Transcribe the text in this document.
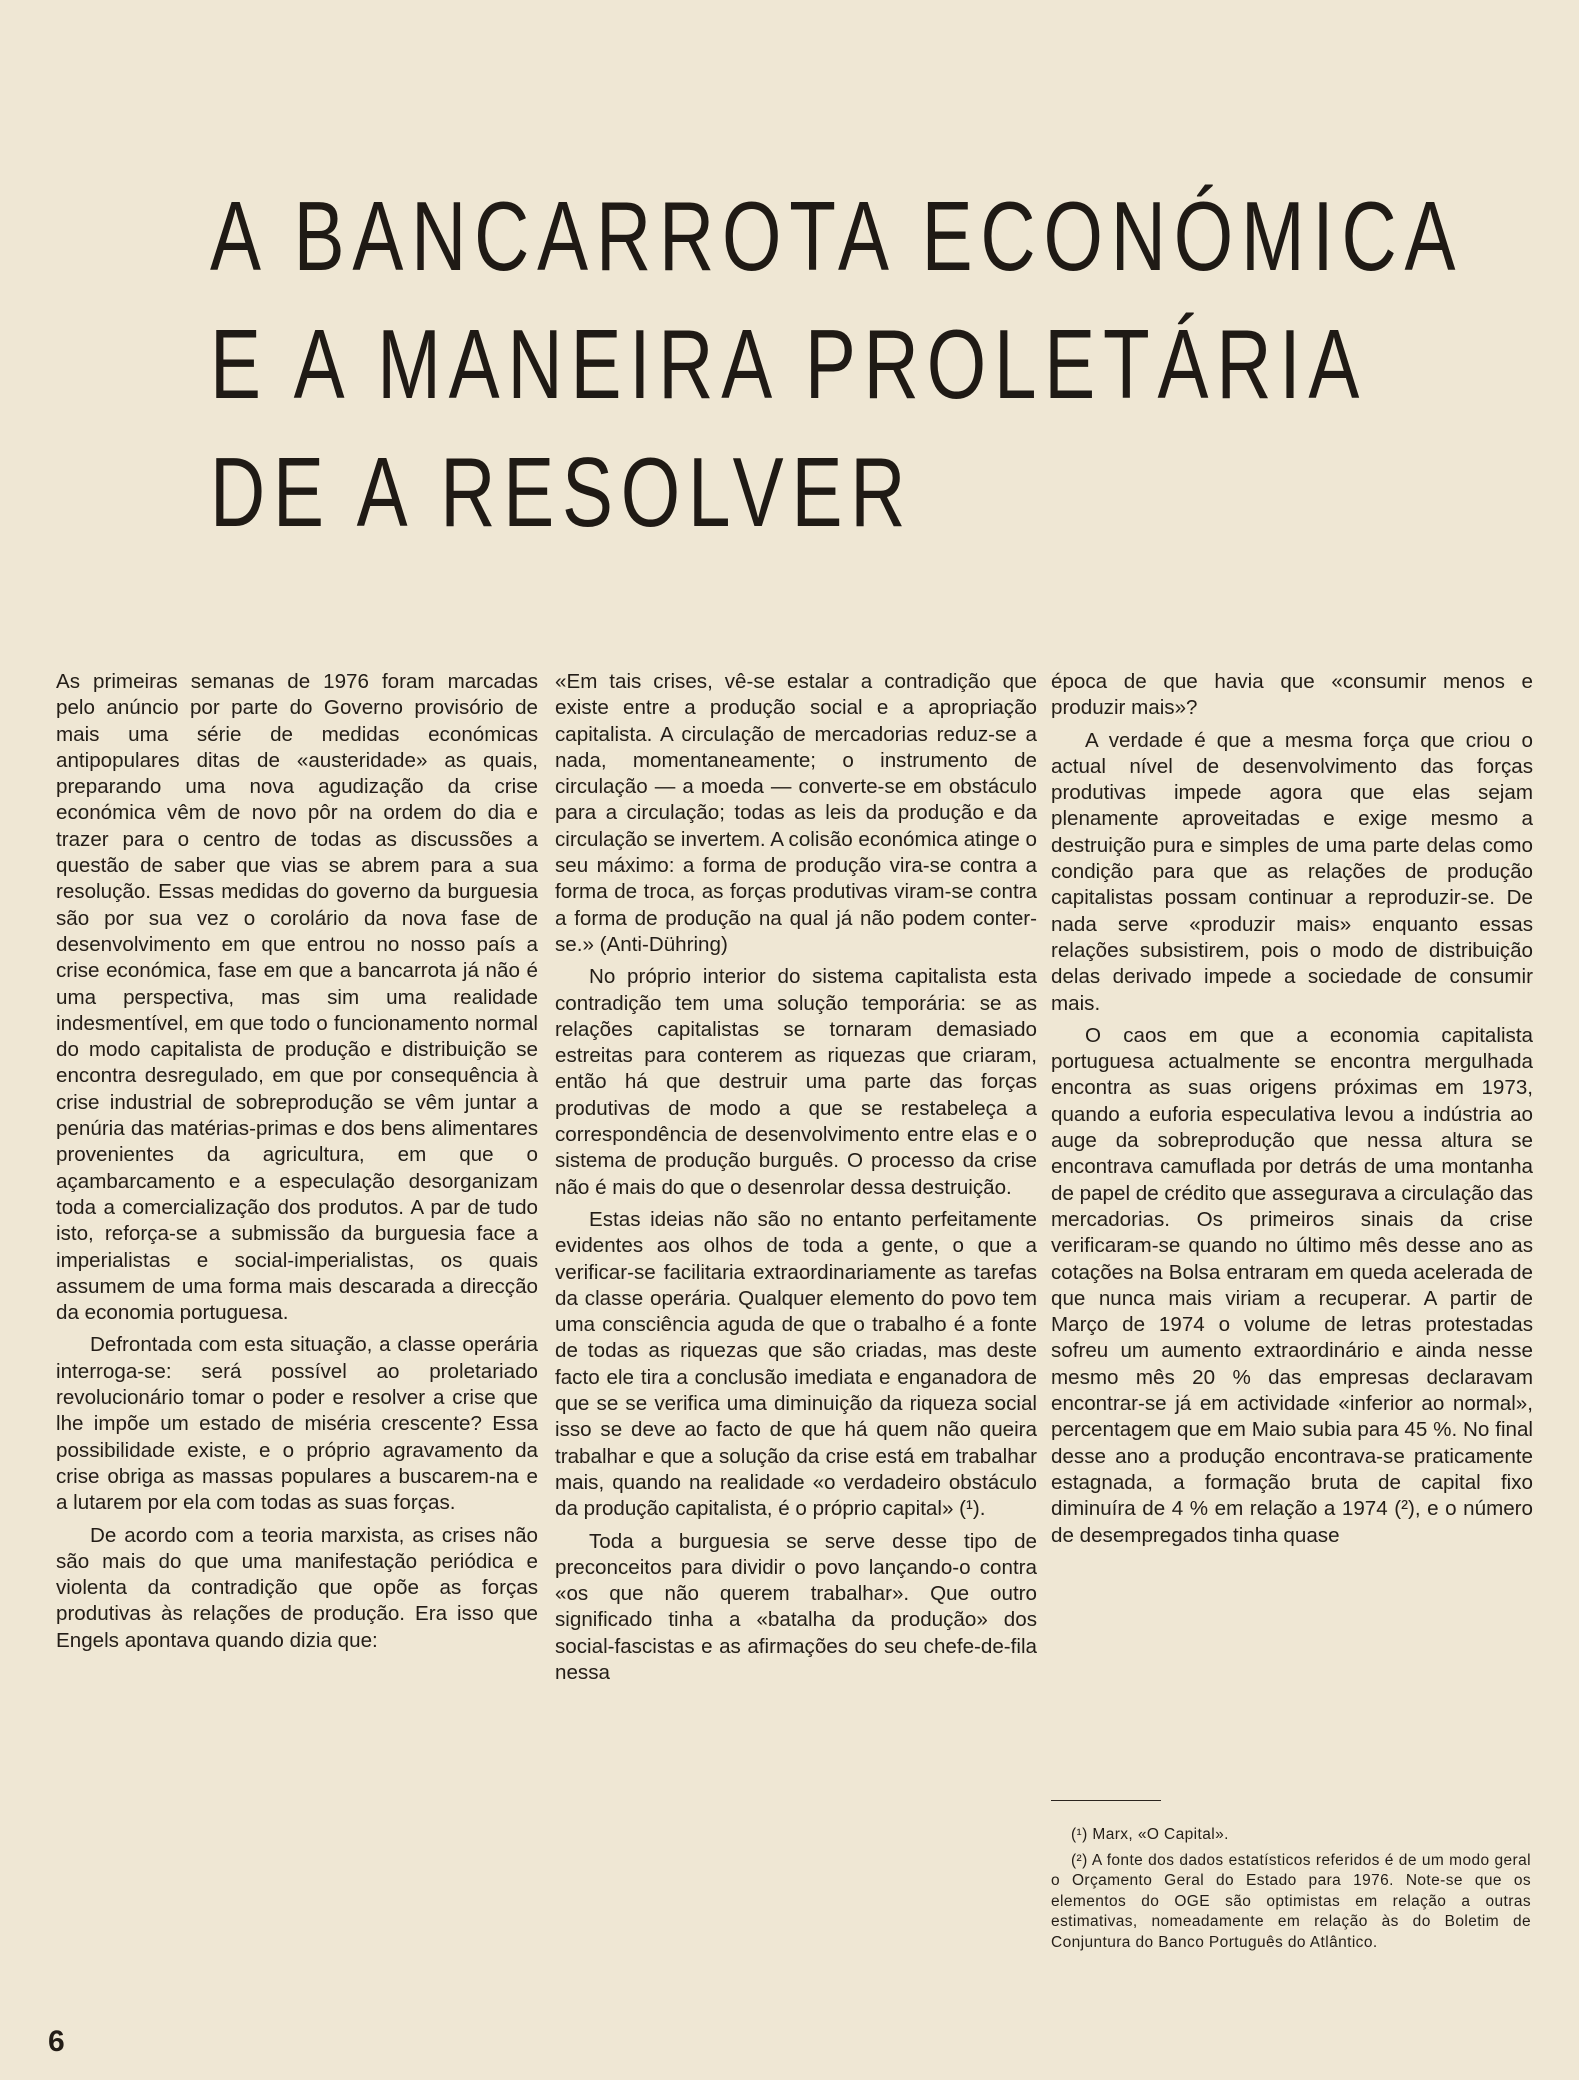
A BANCARROTA ECONÓMICA
E A MANEIRA PROLETÁRIA
DE A RESOLVER

As primeiras semanas de 1976 foram marcadas pelo anúncio por parte do Governo provisório de mais uma série de medidas económicas antipopulares ditas de «austeridade» as quais, preparando uma nova agudização da crise económica vêm de novo pôr na ordem do dia e trazer para o centro de todas as discussões a questão de saber que vias se abrem para a sua resolução. Essas medidas do governo da burguesia são por sua vez o corolário da nova fase de desenvolvimento em que entrou no nosso país a crise económica, fase em que a bancarrota já não é uma perspectiva, mas sim uma realidade indesmentível, em que todo o funcionamento normal do modo capitalista de produção e distribuição se encontra desregulado, em que por consequência à crise industrial de sobreprodução se vêm juntar a penúria das matérias-primas e dos bens alimentares provenientes da agricultura, em que o açambarcamento e a especulação desorganizam toda a comercialização dos produtos. A par de tudo isto, reforça-se a submissão da burguesia face a imperialistas e social-imperialistas, os quais assumem de uma forma mais descarada a direcção da economia portuguesa.

Defrontada com esta situação, a classe operária interroga-se: será possível ao proletariado revolucionário tomar o poder e resolver a crise que lhe impõe um estado de miséria crescente? Essa possibilidade existe, e o próprio agravamento da crise obriga as massas populares a buscarem-na e a lutarem por ela com todas as suas forças.

De acordo com a teoria marxista, as crises não são mais do que uma manifestação periódica e violenta da contradição que opõe as forças produtivas às relações de produção. Era isso que Engels apontava quando dizia que:

«Em tais crises, vê-se estalar a contradição que existe entre a produção social e a apropriação capitalista. A circulação de mercadorias reduz-se a nada, momentaneamente; o instrumento de circulação — a moeda — converte-se em obstáculo para a circulação; todas as leis da produção e da circulação se invertem. A colisão económica atinge o seu máximo: a forma de produção vira-se contra a forma de troca, as forças produtivas viram-se contra a forma de produção na qual já não podem conter-se.» (Anti-Dühring)

No próprio interior do sistema capitalista esta contradição tem uma solução temporária: se as relações capitalistas se tornaram demasiado estreitas para conterem as riquezas que criaram, então há que destruir uma parte das forças produtivas de modo a que se restabeleça a correspondência de desenvolvimento entre elas e o sistema de produção burguês. O processo da crise não é mais do que o desenrolar dessa destruição.

Estas ideias não são no entanto perfeitamente evidentes aos olhos de toda a gente, o que a verificar-se facilitaria extraordinariamente as tarefas da classe operária. Qualquer elemento do povo tem uma consciência aguda de que o trabalho é a fonte de todas as riquezas que são criadas, mas deste facto ele tira a conclusão imediata e enganadora de que se se verifica uma diminuição da riqueza social isso se deve ao facto de que há quem não queira trabalhar e que a solução da crise está em trabalhar mais, quando na realidade «o verdadeiro obstáculo da produção capitalista, é o próprio capital» (¹).

Toda a burguesia se serve desse tipo de preconceitos para dividir o povo lançando-o contra «os que não querem trabalhar». Que outro significado tinha a «batalha da produção» dos social-fascistas e as afirmações do seu chefe-de-fila nessa

época de que havia que «consumir menos e produzir mais»?

A verdade é que a mesma força que criou o actual nível de desenvolvimento das forças produtivas impede agora que elas sejam plenamente aproveitadas e exige mesmo a destruição pura e simples de uma parte delas como condição para que as relações de produção capitalistas possam continuar a reproduzir-se. De nada serve «produzir mais» enquanto essas relações subsistirem, pois o modo de distribuição delas derivado impede a sociedade de consumir mais.

O caos em que a economia capitalista portuguesa actualmente se encontra mergulhada encontra as suas origens próximas em 1973, quando a euforia especulativa levou a indústria ao auge da sobreprodução que nessa altura se encontrava camuflada por detrás de uma montanha de papel de crédito que assegurava a circulação das mercadorias. Os primeiros sinais da crise verificaram-se quando no último mês desse ano as cotações na Bolsa entraram em queda acelerada de que nunca mais viriam a recuperar. A partir de Março de 1974 o volume de letras protestadas sofreu um aumento extraordinário e ainda nesse mesmo mês 20 % das empresas declaravam encontrar-se já em actividade «inferior ao normal», percentagem que em Maio subia para 45 %. No final desse ano a produção encontrava-se praticamente estagnada, a formação bruta de capital fixo diminuíra de 4 % em relação a 1974 (²), e o número de desempregados tinha quase

(¹) Marx, «O Capital».

(²) A fonte dos dados estatísticos referidos é de um modo geral o Orçamento Geral do Estado para 1976. Note-se que os elementos do OGE são optimistas em relação a outras estimativas, nomeadamente em relação às do Boletim de Conjuntura do Banco Português do Atlântico.

6
